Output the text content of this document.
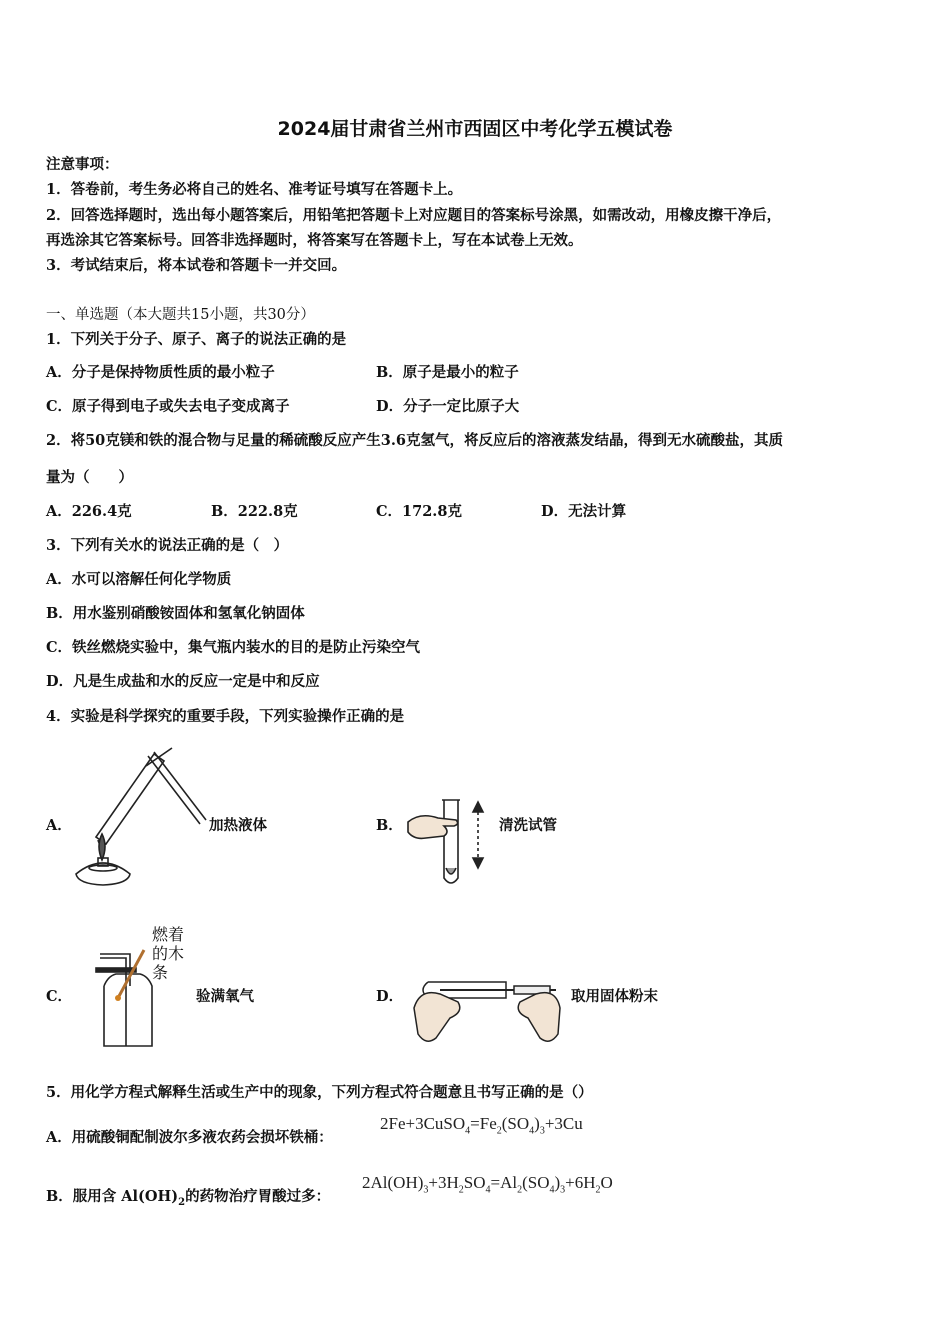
2024届甘肃省兰州市西固区中考化学五模试卷
注意事项：
1．答卷前，考生务必将自己的姓名、准考证号填写在答题卡上。
2．回答选择题时，选出每小题答案后，用铅笔把答题卡上对应题目的答案标号涂黑，如需改动，用橡皮擦干净后，
再选涂其它答案标号。回答非选择题时，将答案写在答题卡上，写在本试卷上无效。
3．考试结束后，将本试卷和答题卡一并交回。
一、单选题（本大题共15小题，共30分）
1．下列关于分子、原子、离子的说法正确的是
A．分子是保持物质性质的最小粒子	B．原子是最小的粒子
C．原子得到电子或失去电子变成离子	D．分子一定比原子大
2．将50克镁和铁的混合物与足量的稀硫酸反应产生3.6克氢气，将反应后的溶液蒸发结晶，得到无水硫酸盐，其质
量为（　　）
A．226.4克	B．222.8克	C．172.8克	D．无法计算
3．下列有关水的说法正确的是（　）
A．水可以溶解任何化学物质
B．用水鉴别硝酸铵固体和氢氧化钠固体
C．铁丝燃烧实验中，集气瓶内装水的目的是防止污染空气
D．凡是生成盐和水的反应一定是中和反应
4．实验是科学探究的重要手段，下列实验操作正确的是
A．	加热液体	B．	清洗试管
C．
燃着
的木
条
验满氧气	D．	取用固体粉末
5．用化学方程式解释生活或生产中的现象，下列方程式符合题意且书写正确的是（）
A．用硫酸铜配制波尔多液农药会损坏铁桶：
$2Fe+3CuSO_4=Fe_2(SO_4)_3+3Cu$
B．服用含 $Al(OH)_2$的药物治疗胃酸过多：
$2Al(OH)_3+3H_2SO_4=Al_2(SO_4)_3+6H_2O$
